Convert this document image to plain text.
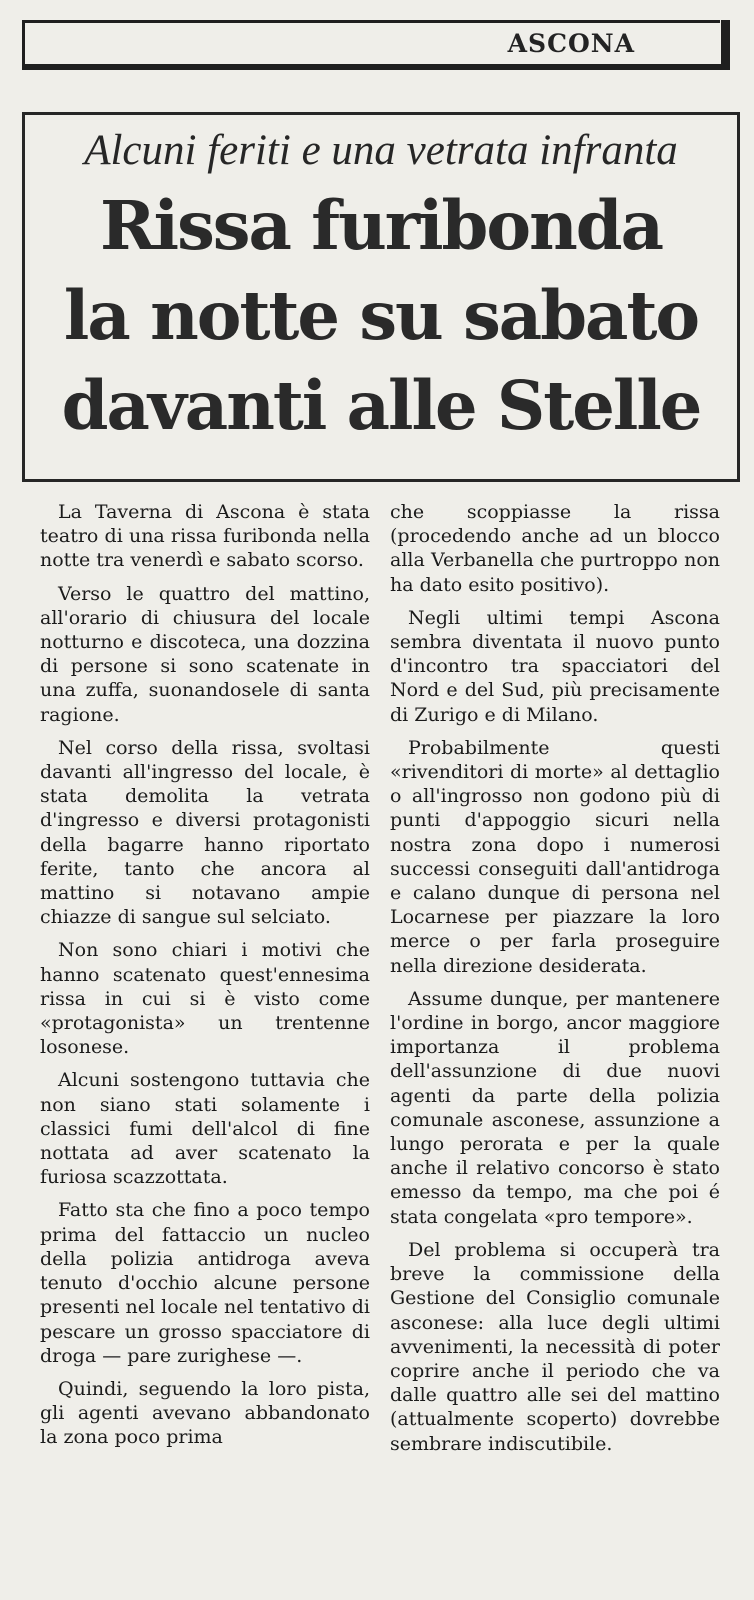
ASCONA
Alcuni feriti e una vetrata infranta
Rissa furibonda
la notte su sabato
davanti alle Stelle

La Taverna di Ascona è stata teatro di una rissa furibonda nella notte tra venerdì e sabato scorso.

Verso le quattro del mattino, all'orario di chiusura del locale notturno e discoteca, una dozzina di persone si sono scatenate in una zuffa, suonandosele di santa ragione.

Nel corso della rissa, svoltasi davanti all'ingresso del locale, è stata demolita la vetrata d'ingresso e diversi protagonisti della bagarre hanno riportato ferite, tanto che ancora al mattino si notavano ampie chiazze di sangue sul selciato.

Non sono chiari i motivi che hanno scatenato quest'ennesima rissa in cui si è visto come «protagonista» un trentenne losonese.

Alcuni sostengono tuttavia che non siano stati solamente i classici fumi dell'alcol di fine nottata ad aver scatenato la furiosa scazzottata.

Fatto sta che fino a poco tempo prima del fattaccio un nucleo della polizia antidroga aveva tenuto d'occhio alcune persone presenti nel locale nel tentativo di pescare un grosso spacciatore di droga — pare zurighese —.

Quindi, seguendo la loro pista, gli agenti avevano abbandonato la zona poco prima

che scoppiasse la rissa (procedendo anche ad un blocco alla Verbanella che purtroppo non ha dato esito positivo).

Negli ultimi tempi Ascona sembra diventata il nuovo punto d'incontro tra spacciatori del Nord e del Sud, più precisamente di Zurigo e di Milano.

Probabilmente questi «rivenditori di morte» al dettaglio o all'ingrosso non godono più di punti d'appoggio sicuri nella nostra zona dopo i numerosi successi conseguiti dall'antidroga e calano dunque di persona nel Locarnese per piazzare la loro merce o per farla proseguire nella direzione desiderata.

Assume dunque, per mantenere l'ordine in borgo, ancor maggiore importanza il problema dell'assunzione di due nuovi agenti da parte della polizia comunale asconese, assunzione a lungo perorata e per la quale anche il relativo concorso è stato emesso da tempo, ma che poi é stata congelata «pro tempore».

Del problema si occuperà tra breve la commissione della Gestione del Consiglio comunale asconese: alla luce degli ultimi avvenimenti, la necessità di poter coprire anche il periodo che va dalle quattro alle sei del mattino (attualmente scoperto) dovrebbe sembrare indiscutibile.
